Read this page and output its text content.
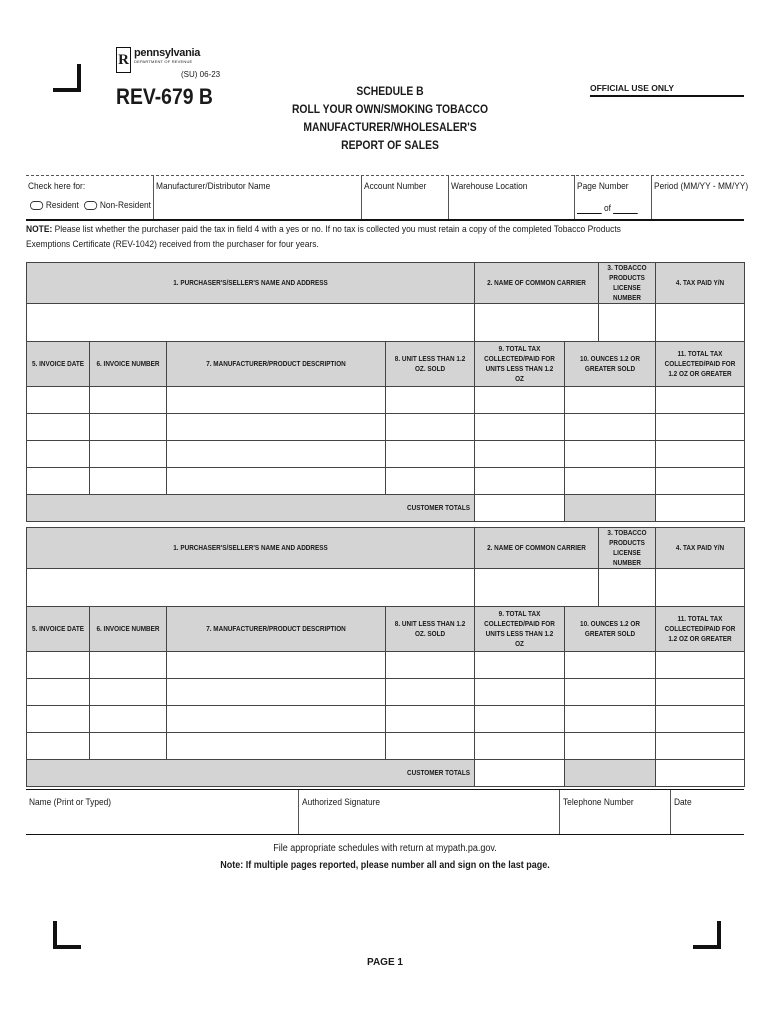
R pennsylvania
DEPARTMENT OF REVENUE
(SU) 06-23
REV-679 B	SCHEDULE B
ROLL YOUR OWN/SMOKING TOBACCO
MANUFACTURER/WHOLESALER'S
REPORT OF SALES
OFFICIAL USE ONLY
Check here for:
Resident	Non-Resident
Manufacturer/Distributor Name	Account Number	Warehouse Location	Page Number
of
Period (MM/YY - MM/YY)
NOTE: Please list whether the purchaser paid the tax in field 4 with a yes or no. If no tax is collected you must retain a copy of the completed Tobacco Products Exemptions Certificate (REV-1042) received from the purchaser for four years.
1. PURCHASER'S/SELLER'S NAME AND ADDRESS				2. NAME OF COMMON CARRIER		3. TOBACCO PRODUCTS LICENSE NUMBER	4. TAX PAID Y/N

5. INVOICE DATE	6. INVOICE NUMBER	7. MANUFACTURER/PRODUCT DESCRIPTION	8. UNIT LESS THAN 1.2 OZ. SOLD	9. TOTAL TAX COLLECTED/PAID FOR UNITS LESS THAN 1.2 OZ	10. OUNCES 1.2 OR GREATER SOLD		11. TOTAL TAX COLLECTED/PAID FOR 1.2 OZ OR GREATER

CUSTOMER TOTALS							

1. PURCHASER'S/SELLER'S NAME AND ADDRESS				2. NAME OF COMMON CARRIER		3. TOBACCO PRODUCTS LICENSE NUMBER	4. TAX PAID Y/N

5. INVOICE DATE	6. INVOICE NUMBER	7. MANUFACTURER/PRODUCT DESCRIPTION	8. UNIT LESS THAN 1.2 OZ. SOLD	9. TOTAL TAX COLLECTED/PAID FOR UNITS LESS THAN 1.2 OZ	10. OUNCES 1.2 OR GREATER SOLD		11. TOTAL TAX COLLECTED/PAID FOR 1.2 OZ OR GREATER

CUSTOMER TOTALS							

Name (Print or Typed)	Authorized Signature	Telephone Number	Date
File appropriate schedules with return at mypath.pa.gov.
Note: If multiple pages reported, please number all and sign on the last page.
PAGE 1
